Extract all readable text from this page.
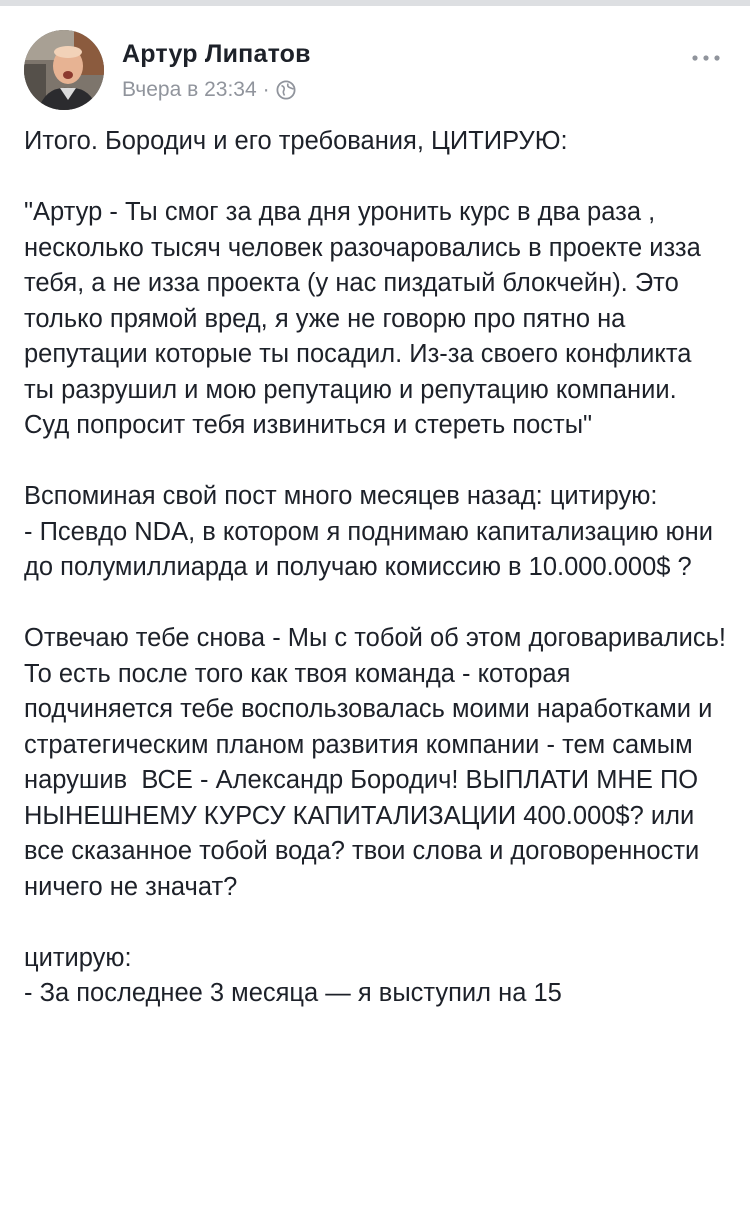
Артур Липатов
Вчера в 23:34 ·
Итого. Бородич и его требования, ЦИТИРУЮ:

"Артур - Ты смог за два дня уронить курс в два раза , несколько тысяч человек разочаровались в проекте изза тебя, а не изза проекта (у нас пиздатый блокчейн). Это только прямой вред, я уже не говорю про пятно на репутации которые ты посадил. Из-за своего конфликта ты разрушил и мою репутацию и репутацию компании. Суд попросит тебя извиниться и стереть посты"

Вспоминая свой пост много месяцев назад: цитирую:
- Псевдо NDA, в котором я поднимаю капитализацию юни до полумиллиарда и получаю комиссию в 10.000.000$ ?

Отвечаю тебе снова - Мы с тобой об этом договаривались! То есть после того как твоя команда - которая подчиняется тебе воспользовалась моими наработками и стратегическим планом развития компании - тем самым нарушив  ВСЕ - Александр Бородич! ВЫПЛАТИ МНЕ ПО НЫНЕШНЕМУ КУРСУ КАПИТАЛИЗАЦИИ 400.000$? или все сказанное тобой вода? твои слова и договоренности ничего не значат?

цитирую:
- За последнее 3 месяца — я выступил на 15
